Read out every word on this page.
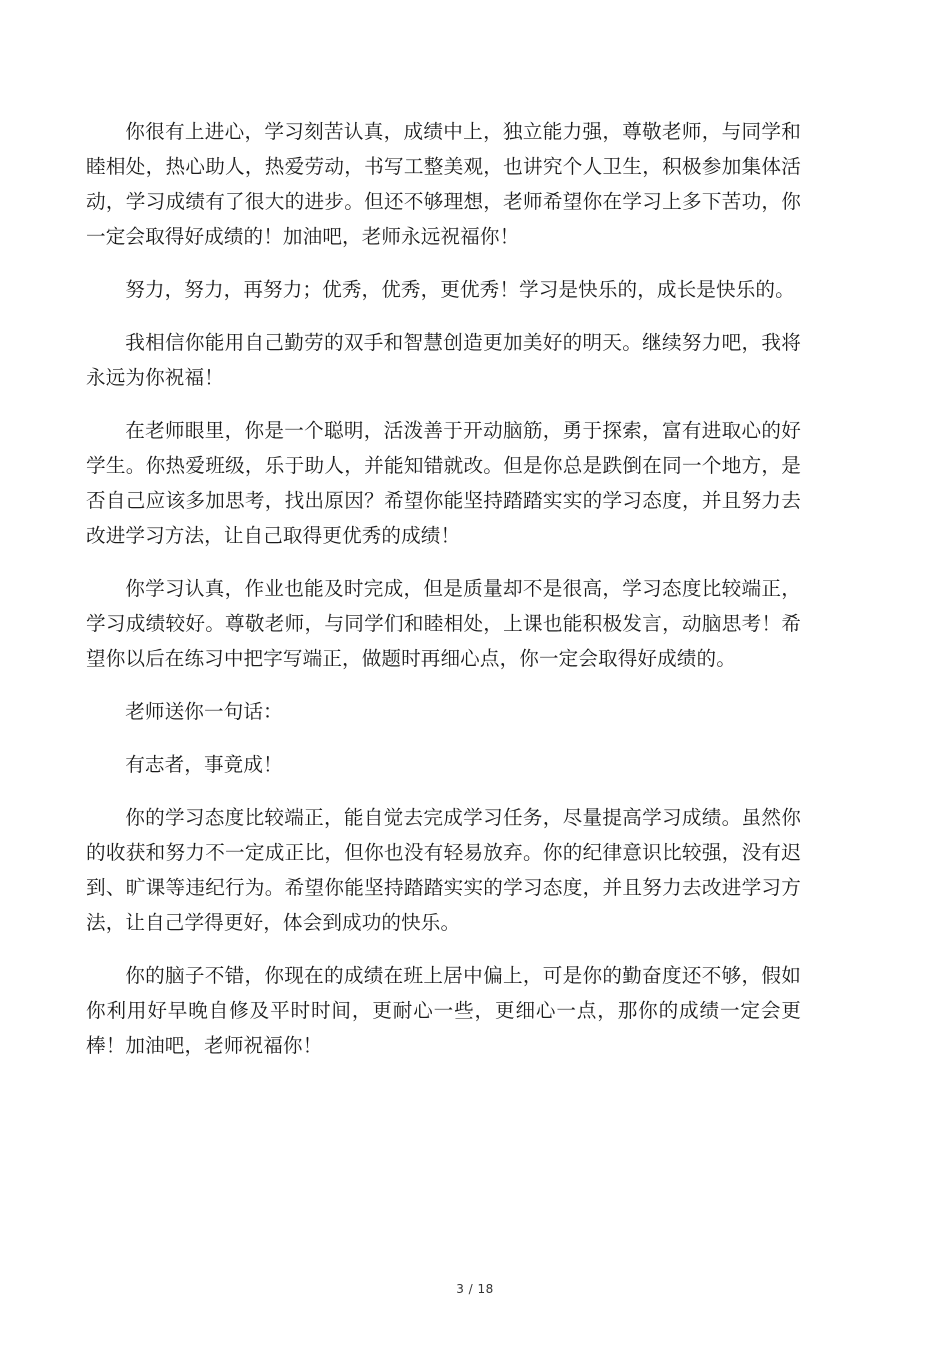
你很有上进心，学习刻苦认真，成绩中上，独立能力强，尊敬老师，与同学和睦相处，热心助人，热爱劳动，书写工整美观，也讲究个人卫生，积极参加集体活动，学习成绩有了很大的进步。但还不够理想，老师希望你在学习上多下苦功，你一定会取得好成绩的！加油吧，老师永远祝福你！

努力，努力，再努力；优秀，优秀，更优秀！学习是快乐的，成长是快乐的。

我相信你能用自己勤劳的双手和智慧创造更加美好的明天。继续努力吧，我将永远为你祝福！

在老师眼里，你是一个聪明，活泼善于开动脑筋，勇于探索，富有进取心的好学生。你热爱班级，乐于助人，并能知错就改。但是你总是跌倒在同一个地方，是否自己应该多加思考，找出原因？希望你能坚持踏踏实实的学习态度，并且努力去改进学习方法，让自己取得更优秀的成绩！

你学习认真，作业也能及时完成，但是质量却不是很高，学习态度比较端正，学习成绩较好。尊敬老师，与同学们和睦相处，上课也能积极发言，动脑思考！希望你以后在练习中把字写端正，做题时再细心点，你一定会取得好成绩的。

老师送你一句话：

有志者，事竟成！

你的学习态度比较端正，能自觉去完成学习任务，尽量提高学习成绩。虽然你的收获和努力不一定成正比，但你也没有轻易放弃。你的纪律意识比较强，没有迟到、旷课等违纪行为。希望你能坚持踏踏实实的学习态度，并且努力去改进学习方法，让自己学得更好，体会到成功的快乐。

你的脑子不错，你现在的成绩在班上居中偏上，可是你的勤奋度还不够，假如你利用好早晚自修及平时时间，更耐心一些，更细心一点，那你的成绩一定会更棒！加油吧，老师祝福你！

3 / 18
